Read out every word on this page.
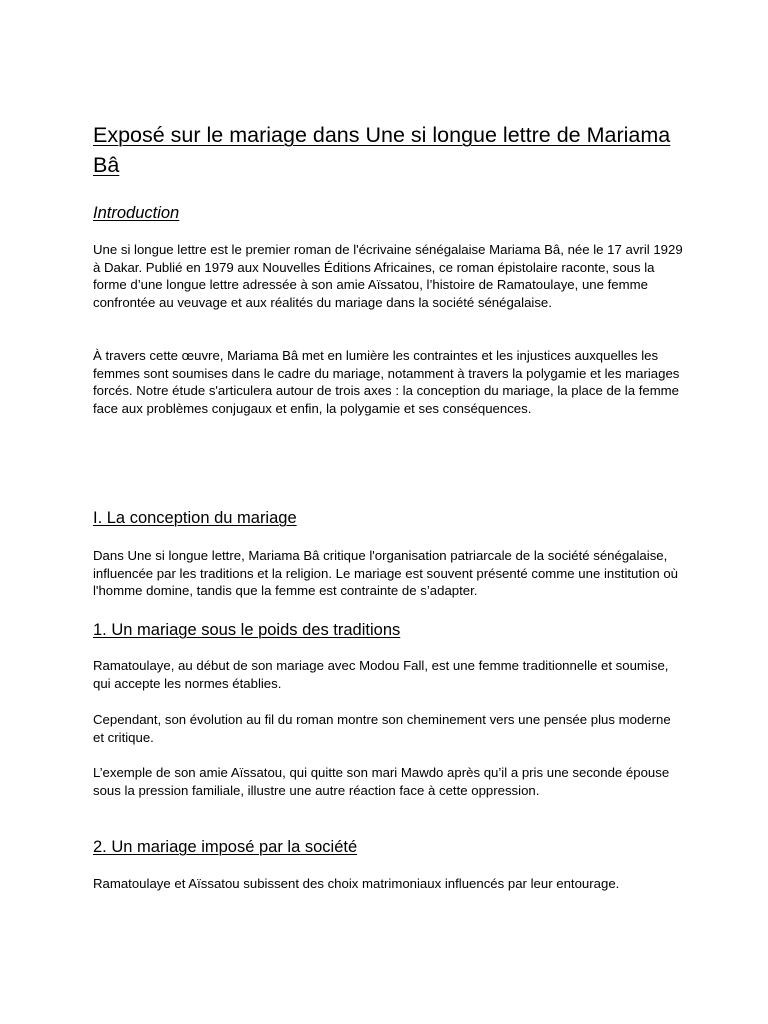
Exposé sur le mariage dans Une si longue lettre de Mariama Bâ
Introduction

Une si longue lettre est le premier roman de l'écrivaine sénégalaise Mariama Bâ, née le 17 avril 1929 à Dakar. Publié en 1979 aux Nouvelles Éditions Africaines, ce roman épistolaire raconte, sous la forme d’une longue lettre adressée à son amie Aïssatou, l’histoire de Ramatoulaye, une femme confrontée au veuvage et aux réalités du mariage dans la société sénégalaise.

À travers cette œuvre, Mariama Bâ met en lumière les contraintes et les injustices auxquelles les femmes sont soumises dans le cadre du mariage, notamment à travers la polygamie et les mariages forcés. Notre étude s'articulera autour de trois axes : la conception du mariage, la place de la femme face aux problèmes conjugaux et enfin, la polygamie et ses conséquences.

I. La conception du mariage

Dans Une si longue lettre, Mariama Bâ critique l'organisation patriarcale de la société sénégalaise, influencée par les traditions et la religion. Le mariage est souvent présenté comme une institution où l'homme domine, tandis que la femme est contrainte de s’adapter.

1. Un mariage sous le poids des traditions

Ramatoulaye, au début de son mariage avec Modou Fall, est une femme traditionnelle et soumise, qui accepte les normes établies.

Cependant, son évolution au fil du roman montre son cheminement vers une pensée plus moderne et critique.

L’exemple de son amie Aïssatou, qui quitte son mari Mawdo après qu’il a pris une seconde épouse sous la pression familiale, illustre une autre réaction face à cette oppression.

2. Un mariage imposé par la société

Ramatoulaye et Aïssatou subissent des choix matrimoniaux influencés par leur entourage.
